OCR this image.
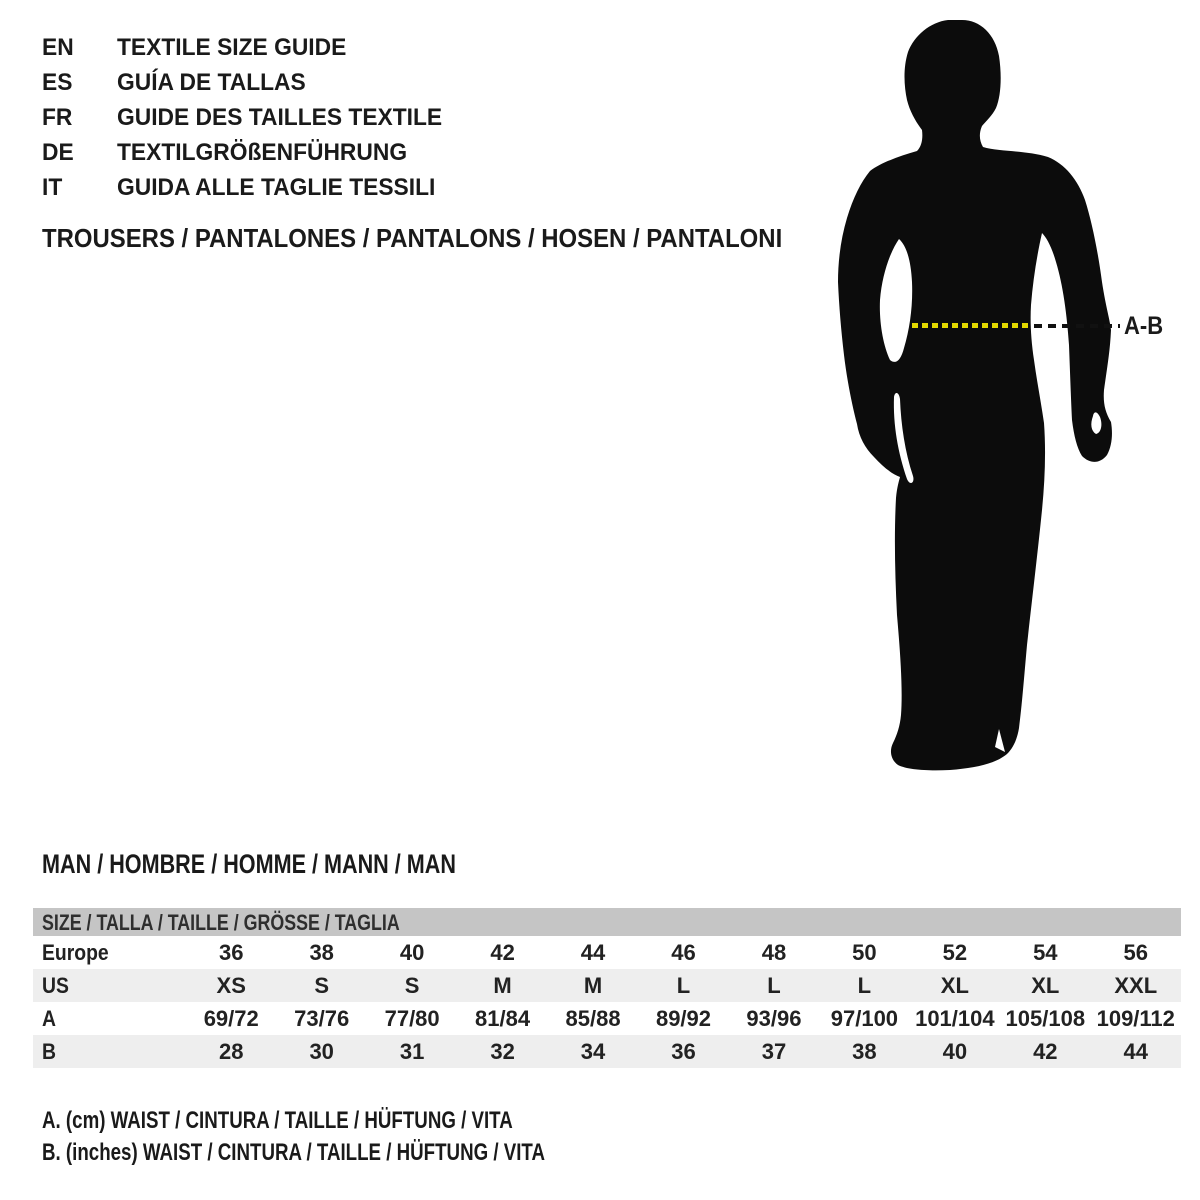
EN	TEXTILE SIZE GUIDE
ES	GUÍA DE TALLAS
FR	GUIDE DES TAILLES TEXTILE
DE	TEXTILGRÖßENFÜHRUNG
IT	GUIDA ALLE TAGLIE TESSILI
TROUSERS / PANTALONES / PANTALONS / HOSEN / PANTALONI
A-B
MAN / HOMBRE / HOMME / MANN / MAN
SIZE / TALLA / TAILLE / GRÖSSE / TAGLIA
Europe	36	38	40	42	44	46	48	50	52	54	56
US	XS	S	S	M	M	L	L	L	XL	XL	XXL
A	69/72	73/76	77/80	81/84	85/88	89/92	93/96	97/100 101/104 105/108 109/112
B	28	30	31	32	34	36	37	38	40	42	44
A. (cm) WAIST / CINTURA / TAILLE / HÜFTUNG / VITA
B. (inches) WAIST / CINTURA / TAILLE / HÜFTUNG / VITA
